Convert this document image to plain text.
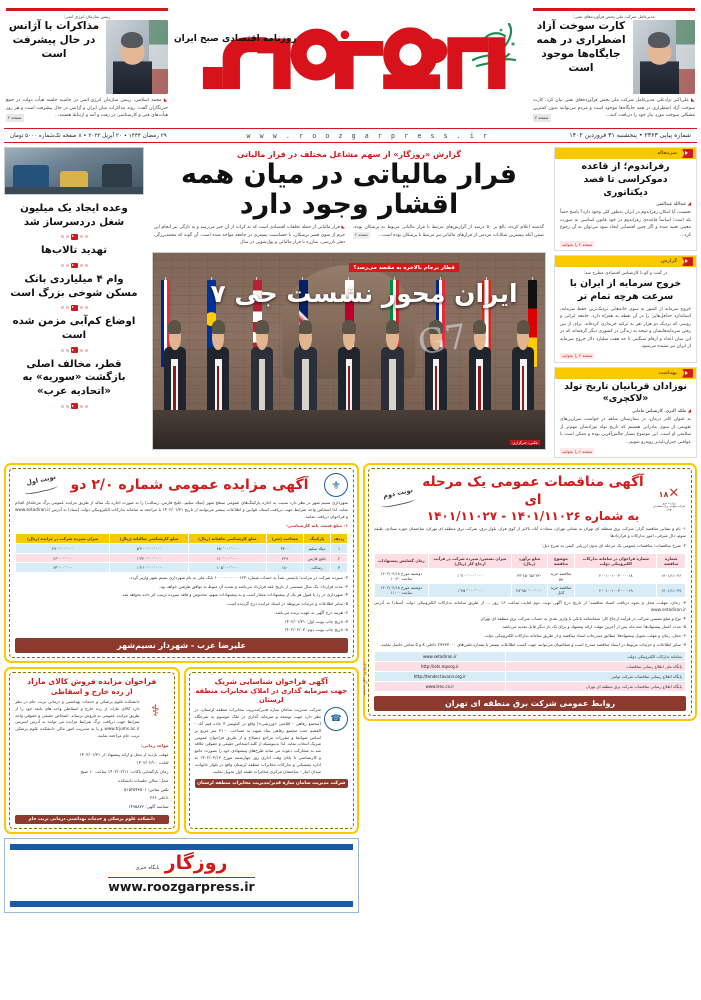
مدیرعامل شرکت ملی پخش فرآورده‌های نفتی:
کارت سوخت آزاد اضطراری در همه جایگاه‌ها موجود است
◣ علی‌اکبر نژادعلی مدیرعامل شرکت ملی پخش فرآورده‌های نفتی بیان کرد: کارت سوخت آزاد اضطراری در همه جایگاه‌ها موجود است و مردم می‌توانند بدون کمترین مشکلی سوخت مورد نیاز خود را دریافت کنند...
صفحه ۴
روزنامه اقتصادی صبح ایران
رییس سازمان انرژی اتمی:
مذاکرات با آژانس در حال پیشرفت است
◣ محمد اسلامی، رییس سازمان انرژی اتمی در حاشیه جلسه هیأت دولت در جمع خبرنگاران گفت، روند مذاکرات میان ایران و آژانس در حال پیشرفت است و هر روز هیأت‌های فنی و کارشناسی در رفت و آمد و ارتباط هستند...
صفحه ۲
شماره پیاپی ۲۳۶۳ • پنجشنبه ۳۱ فروردین ۱۴۰۲
w w w . r o o z g a r p r e s s . i r
۲۹ رمضان ۱۴۴۴ • ۲۰ آپریل ۲۰۲۳ • ۸ صفحه تک‌شماره ۵۰۰۰ تومان
سرمقاله
رفراندوم؛ از قاعده دموکراسی تا قصد دیکتاتوری
◢ عبدالله عبدالقنی
نخست، آیا امکان رفراندوم در ایران به‌طور کلی وجود دارد؟ پاسخ حتماً بله است؛ اساساً قاعده‌ی رفراندوم در خود قانون اساسی به صورت معینی تعبیه شده و اگر چنین اقتضایی ایجاد شود می‌توان به آن رجوع کرد...
صفحه ۲ را بخوانید
گزارش
در گفت و گو با کارشناس اقتصادی مطرح شد:
خروج سرمایه از ایران با سرعت هرچه تمام تر
خروج سرمایه از کشور به سوی خانه‌هایی نزدیک‌ترین حفظ سرمایه، استاندارد حداقل‌هایی را در آن نقطه به همراه دارد. جامعه ایرانی و روسی که نزدیک دو هزار نفر به ترکیه خریداری کرده‌اند. برای از بین رفتن سرمایه‌هایشان و نتیجه به زندگی در کشوری دیگر گرفته‌اند که در این میان اعداد و ارقام سنگینی تا حد هفت میلیارد دلار خروج سرمایه از ایران نیز شنیده می‌شود.
صفحه ۳ را بخوانید
بهداشت
نوزادان قربانیان تاریخ تولد «لاکچری»
◢ ملکه اکبری، کارشناس مامایی
به عنوان کادر درمان، در بیمارستان شاهد در خواست سزارین‌های تقویمی از سوی مادرانی هستیم که تاریخ تولد نوزادشان مهم‌تر از سلامتی او است. این موضوع بسیار چالش‌آفرین بوده و ممکن است با عواقبی جبران‌ناپذیر روبه‌رو شویم...
صفحه ۶ را بخوانید
گزارش «روزگار» از سهم مشاغل مختلف در فرار مالیاتی
فرار مالیاتی در میان همه اقشار وجود دارد
گذشته اعلام کرده، بالغ بر ۵۰ درصد از گزارش‌های مرتبط با فرار مالیاتی مربوط به پزشکان بوده، ضمن آنکه بیشترین شکایات مردمی از فرارهای مالیاتی نیز مرتبط با پزشکان بوده است...
صفحه ۲
◣ فرار مالیاتی از جمله تخلفات اقتصادی است که به کرات از آن خبر می‌رسد و به تازگی نیز انجام این جرم از سوی قشر پزشکان، با حساسیت بیشتری در جامعه مواجه شده است. آن گونه که محمدبرزگر، دفتر بازرسی، مبارزه با فرار مالیاتی و پول‌شویی در سال
G7
قطار برجام بالاخره به مقصد می‌رسد؟
ایران محور نشست جی ۷
عکس: خبرگزاری
وعده ایجاد یک میلیون شغل دردسرساز شد
تهدید تالاب‌ها
وام ۴ میلیاردی بانک مسکن شوخی بزرگ است
اوضاع کم‌آبی مزمن شده است
قطر، مخالف اصلی بازگشت «سوریه» به «اتحادیه عرب»
✕۱۸
وزارت نیرو
شرکت سهامی برق منطقه ای تهران
آگهی مناقصات عمومی یک مرحله ای
به شماره ۱۴۰۱/۱۱۰۲۶ - ۱۴۰۱/۱۱۰۲۷
نوبت دوم
۱- نام و نشانی مناقصه گزار: شرکت برق منطقه ای تهران به نشانی تهران، سعادت آباد، بالاتر از کوی فراز، بلوار برق، شرکت برق منطقه ای تهران، ساختمان حوزه ستادی، طبقه سوم، دال شرقی، امور تدارکات و قراردادها
۲- شرح مناقصات: مناقصات عمومی یک مرحله ای بدون ارزیابی کیفی به شرح ذیل:
شماره مناقصه	شماره فراخوان در سامانه تدارکات الکترونیکی دولت	موضوع مناقصه	مبلغ برآورد (ریال)	میزان تضمین/ سپرده شرکت در فرآیند ارجاع کار (ریال)	زمان گشایش پیشنهادات
۱۴۰۱/۱۱۰۲۶	۲۰۰۱۰۰۱۰۰۳۰۰۰۰۱۸	مناقصه خرید پیج	۳۳٬۶۵۰٬۵۸٬۲۳۰	۱٬۷۰۰٬۰۰۰٬۰۰۰	دوشنبه مورخ ۱۴۰۲/۰۲/۱۸ ساعت ۱۰:۳۰
۱۴۰۱/۱۱۰۲۷	۲۰۰۱۰۰۱۰۰۳۰۰۰۰۱۹	مناقصه خرید کابل	۲۸٬۹۵۰٬۰۰۰٬۰۰۰	۱٬۴۵۰٬۰۰۰٬۰۰۰	دوشنبه مورخ ۱۴۰۲/۰۲/۱۸ ساعت ۱۱:۰۰
۳- زمان، مهلت، محل و نحوه دریافت اسناد مناقصه: از تاریخ درج آگهی نوبت دوم لغایت ساعت ۱۶ روز ... از طریق سامانه تدارکات الکترونیکی دولت (ستاد) به آدرس www.setadiran.ir
۴- نوع و مبلغ تضمین شرکت در فرآیند ارجاع کار: ضمانتنامه بانکی یا واریز نقدی به حساب شرکت برق منطقه ای تهران
۵- مدت اعتبار پیشنهادها: سه ماه پس از آخرین مهلت ارائه پیشنهاد و برای یک بار دیگر قابل تمدید می‌باشد.
۶- محل، زمان و مهلت تحویل پیشنهادها: مطابق مندرجات اسناد مناقصه و از طریق سامانه تدارکات الکترونیکی دولت
۷- سایر اطلاعات و جزئیات مربوط در اسناد مناقصه مندرج است و متقاضیان می‌توانند جهت کسب اطلاعات بیشتر با شماره تلفن‌های ۲۷۹۳۷۰۰۰ داخلی ۸ و ۵ تماس حاصل نمایند.
سامانه تدارکات الکترونیکی دولت	www.setadiran.ir
پایگاه ملی اطلاع رسانی مناقصات	http://iets.mporg.ir
پایگاه اطلاع رسانی مناقصات شرکت توانیر	http://tender.tavanir.org.ir
پایگاه اطلاع رسانی مناقصات شرکت برق منطقه ای تهران	www.trec.co.ir
روابط عمومی شرکت برق منطقه ای تهران
شناسه آگهی ۱۴۹۵۶۳۲
⚜
آگهی مزایده عمومی شماره ۲/۰ دو
نوبت اول
شهرداری نسیم شهر در نظر دارد نسبت به اجاره پارکینگ‌های عمومی سطح شهر (میلاد سلیم، خلیج فارس، رسالت) را به صورت اجاره یک ساله از طریق مزایده عمومی برگ مرحله‌ای اقدام نماید. لذا اشخاص واجد شرایط جهت دریافت اسناد، قوانین و اطلاعات بیشتر می‌توانند از تاریخ ۱۴۰۲/۰۱/۳۱ با مراجعه به سامانه تدارکات الکترونیکی دولت (ستاد) به آدرس www.setadiran.ir و فراخوان دریافت نمایند.
۱- مبلغ قیمت پایه کارشناسی:
ردیف	پارکینگ	مساحت (متر)	مبلغ کارشناسی ماهیانه (ریال)	مبلغ کارشناسی سالیانه (ریال)	میزان سپرده شرکت در مزایده (ریال)
۱	میلاد سلیم	۳۲۰۰	۴۵۰٬۰۰۰٬۰۰۰	۵٬۴۰۰٬۰۰۰٬۰۰۰	۲۷۰٬۰۰۰٬۰۰۰
۲	خلیج فارس	۴۲۹	۱۱۰٬۰۰۰٬۰۰۰	۱٬۳۲۰٬۰۰۰٬۰۰۰	۶۶٬۰۰۰٬۰۰۰
۳	رسالت	۱۸۰	۱۰۵٬۰۰۰٬۰۰۰	۱٬۲۶۰٬۰۰۰٬۰۰۰	۶۳٬۰۰۰٬۰۰۰
۲- سپرده شرکت در مزایده: بایستی نقداً به حساب شماره ۱۰۰۰۰۰۰۰۰۰۰۱۲۳ بانک ملی به نام شهرداری نسیم شهر واریز گردد.
۳- مدت قرارداد: یک سال شمسی از تاریخ عقد قرارداد می‌باشد و تمدید آن منوط به توافق طرفین خواهد بود.
۴- شهرداری در رد یا قبول هر یک از پیشنهادات مختار است و به پیشنهادات مبهم، مخدوش و فاقد سپرده ترتیب اثر داده نخواهد شد.
۵- سایر اطلاعات و جزئیات مربوطه در اسناد مزایده درج گردیده است.
۶- هزینه درج آگهی به عهده برنده می‌باشد.
۷- تاریخ چاپ نوبت اول: ۱۴۰۲/۰۱/۳۱
۸- تاریخ چاپ نوبت دوم: ۱۴۰۲/۰۲/۰۷
علیرضا عرب - شهردار نسیم‌شهر
آگهی فراخوان شناسایی شریک
جهت سرمایه گذاری در املاک مخابرات منطقه لرستان
☎
شرکت مدیریت سامان سازه قدیر/مدیریت مخابرات منطقه لرستان، در نظر دارد جهت توسعه و سرمایه گذاری در ملک موسوم به تفرجگاه (مجتمع رفاهی - اقامتی «ورزشی») واقع در کیلومتر ۴ جاده فیم آباد - القشم جنب مجتمع رفاهی بنیاد شهید به مساحت ۳۱۰۰ متر مربع بر اساس ضوابط و مقررات مراجع ذیصلاح و از طریق فراخوان عمومی شریک انتخاب نماید. لذا بدینوسیله از کلیه اشخاص حقیقی و حقوقی علاقه مند به مشارکت دعوت می نماید طرح‌های پیشنهادی خود را بصورت جامع و کارشناسی تا پایان وقت اداری روز چهارشنبه مورخ ۱۴۰۲/۰۲/۱۳ به اداره پشتیبانی و تدارکات مخابرات منطقه لرستان واقع در بلوار خانواده، میدان ایثار - ساختمان مرکزی مخابرات طبقه اول تحویل نمایند.
شرکت مدیریت سامان سازه قدیر/مدیریت مخابرات منطقه لرستان
فراخوان مزایده فروش کالای مازاد
از رده خارج و اسقاطی
⚕
دانشکده علوم پزشکی و خدمات بهداشتی و درمانی تربت جام در نظر دارد کالای مازاد، از رده خارج و اسقاطی واحد های تابعه خود را از طریق مزایده عمومی به فروش برساند. اشخاص حقیقی و حقوقی واجد شرایط جهت دریافت برگ شرایط مزایده می توانند به آدرس اینترنتی www.trjums.ac.ir و یا به مدیریت امور مالی دانشکده علوم پزشکی تربت جام مراجعه نمایند.
مواعد زمانی:
مهلت بازدید از محل و ارائه پیشنهاد: از ۱۴۰۲/۰۱/۳۱
لغایت ۱۴۰۲/۰۲/۱۰
زمان بازگشایی پاکات: ۱۴۰۲/۰۲/۱۱ ساعت ۱۰ صبح
محل: سالن جلسات دانشکده
تلفن تماس: ۰۵۱۵۲۵۴۳۵۰۱
داخلی ۲۶۶
شناسه آگهی: ۱۴۹۵۸۷۲
دانشکده علوم پزشکی و خدمات بهداشتی درمانی تربت جام
روزگار پایگاه خبری
www.roozgarpress.ir
